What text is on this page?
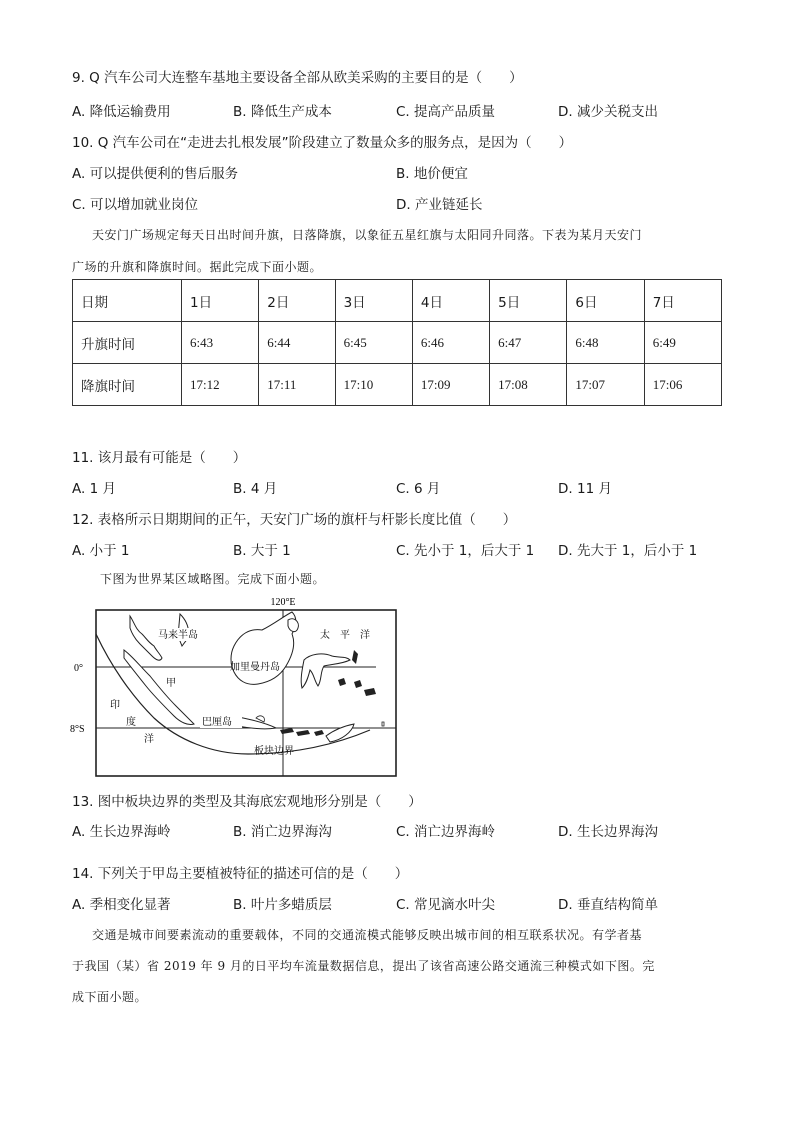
9. Q 汽车公司大连整车基地主要设备全部从欧美采购的主要目的是（　　）
A. 降低运输费用	B. 降低生产成本	C. 提高产品质量	D. 减少关税支出
10. Q 汽车公司在“走进去扎根发展”阶段建立了数量众多的服务点，是因为（　　）
A. 可以提供便利的售后服务	B. 地价便宜
C. 可以增加就业岗位	D. 产业链延长
天安门广场规定每天日出时间升旗，日落降旗，以象征五星红旗与太阳同升同落。下表为某月天安门
广场的升旗和降旗时间。据此完成下面小题。
日期	1日	2日	3日	4日	5日	6日	7日
升旗时间	6:43	6:44	6:45	6:46	6:47	6:48	6:49
降旗时间	17:12	17:11	17:10	17:09	17:08	17:07	17:06
11. 该月最有可能是（　　）
A. 1 月	B. 4 月	C. 6 月	D. 11 月
12. 表格所示日期期间的正午，天安门广场的旗杆与杆影长度比值（　　）
A. 小于 1	B. 大于 1	C. 先小于 1，后大于 1 D. 先大于 1，后小于 1
下图为世界某区域略图。完成下面小题。
120°E
0°
8°S
马来半岛
甲
加里曼丹岛
巴厘岛
板块边界
印
度
洋
太　平　洋
13. 图中板块边界的类型及其海底宏观地形分别是（　　）
A. 生长边界海岭	B. 消亡边界海沟	C. 消亡边界海岭	D. 生长边界海沟
14. 下列关于甲岛主要植被特征的描述可信的是（　　）
A. 季相变化显著	B. 叶片多蜡质层	C. 常见滴水叶尖	D. 垂直结构简单
交通是城市间要素流动的重要载体，不同的交通流模式能够反映出城市间的相互联系状况。有学者基
于我国（某）省 2019 年 9 月的日平均车流量数据信息，提出了该省高速公路交通流三种模式如下图。完
成下面小题。
